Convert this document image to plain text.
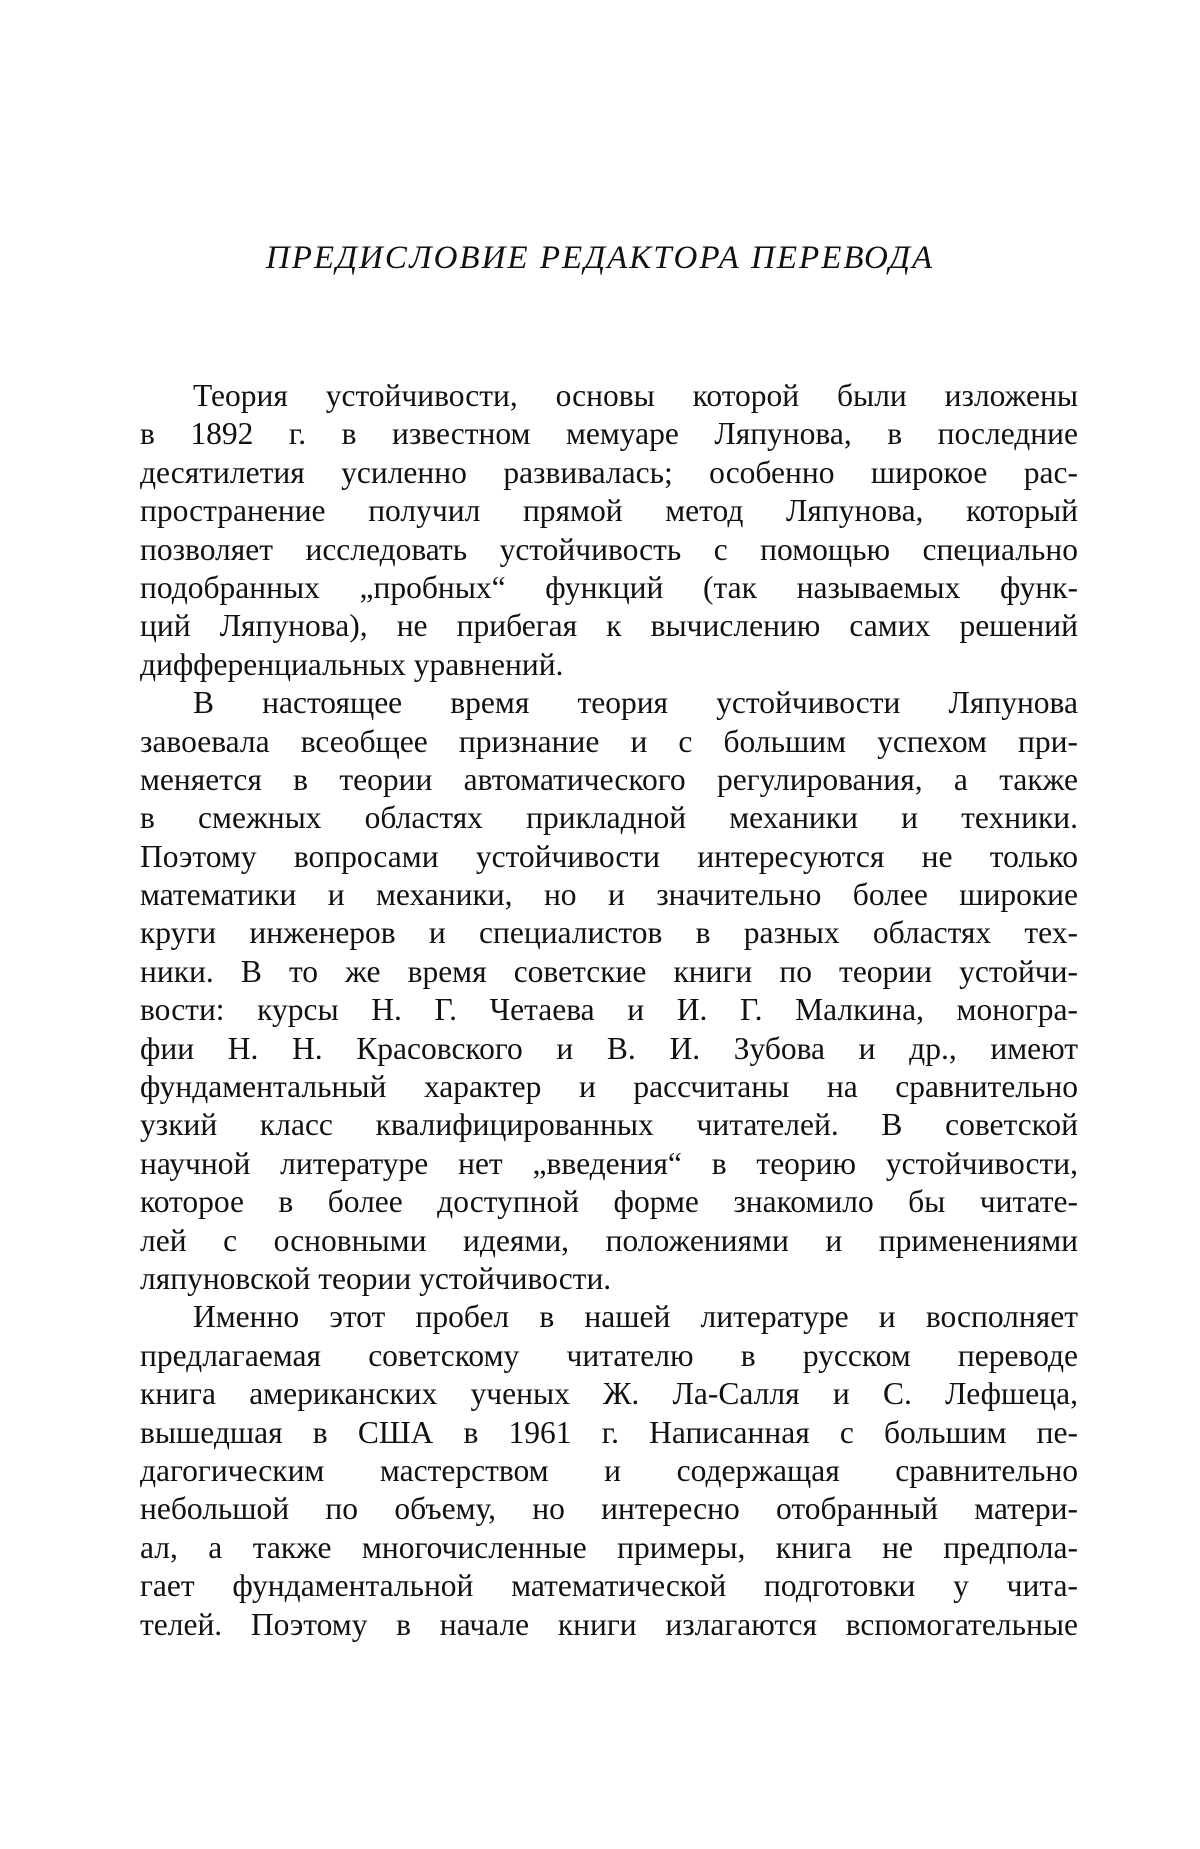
ПРЕДИСЛОВИЕ РЕДАКТОРА ПЕРЕВОДА
Теория устойчивости, основы которой были изложены
в 1892 г. в известном мемуаре Ляпунова, в последние
десятилетия усиленно развивалась; особенно широкое рас-
пространение получил прямой метод Ляпунова, который
позволяет исследовать устойчивость с помощью специально
подобранных „пробных“ функций (так называемых функ-
ций Ляпунова), не прибегая к вычислению самих решений
дифференциальных уравнений.
В настоящее время теория устойчивости Ляпунова
завоевала всеобщее признание и с большим успехом при-
меняется в теории автоматического регулирования, а также
в смежных областях прикладной механики и техники.
Поэтому вопросами устойчивости интересуются не только
математики и механики, но и значительно более широкие
круги инженеров и специалистов в разных областях тех-
ники. В то же время советские книги по теории устойчи-
вости: курсы Н. Г. Четаева и И. Г. Малкина, моногра-
фии Н. Н. Красовского и В. И. Зубова и др., имеют
фундаментальный характер и рассчитаны на сравнительно
узкий класс квалифицированных читателей. В советской
научной литературе нет „введения“ в теорию устойчивости,
которое в более доступной форме знакомило бы читате-
лей с основными идеями, положениями и применениями
ляпуновской теории устойчивости.
Именно этот пробел в нашей литературе и восполняет
предлагаемая советскому читателю в русском переводе
книга американских ученых Ж. Ла-Салля и С. Лефшеца,
вышедшая в США в 1961 г. Написанная с большим пе-
дагогическим мастерством и содержащая сравнительно
небольшой по объему, но интересно отобранный матери-
ал, а также многочисленные примеры, книга не предпола-
гает фундаментальной математической подготовки у чита-
телей. Поэтому в начале книги излагаются вспомогательные
